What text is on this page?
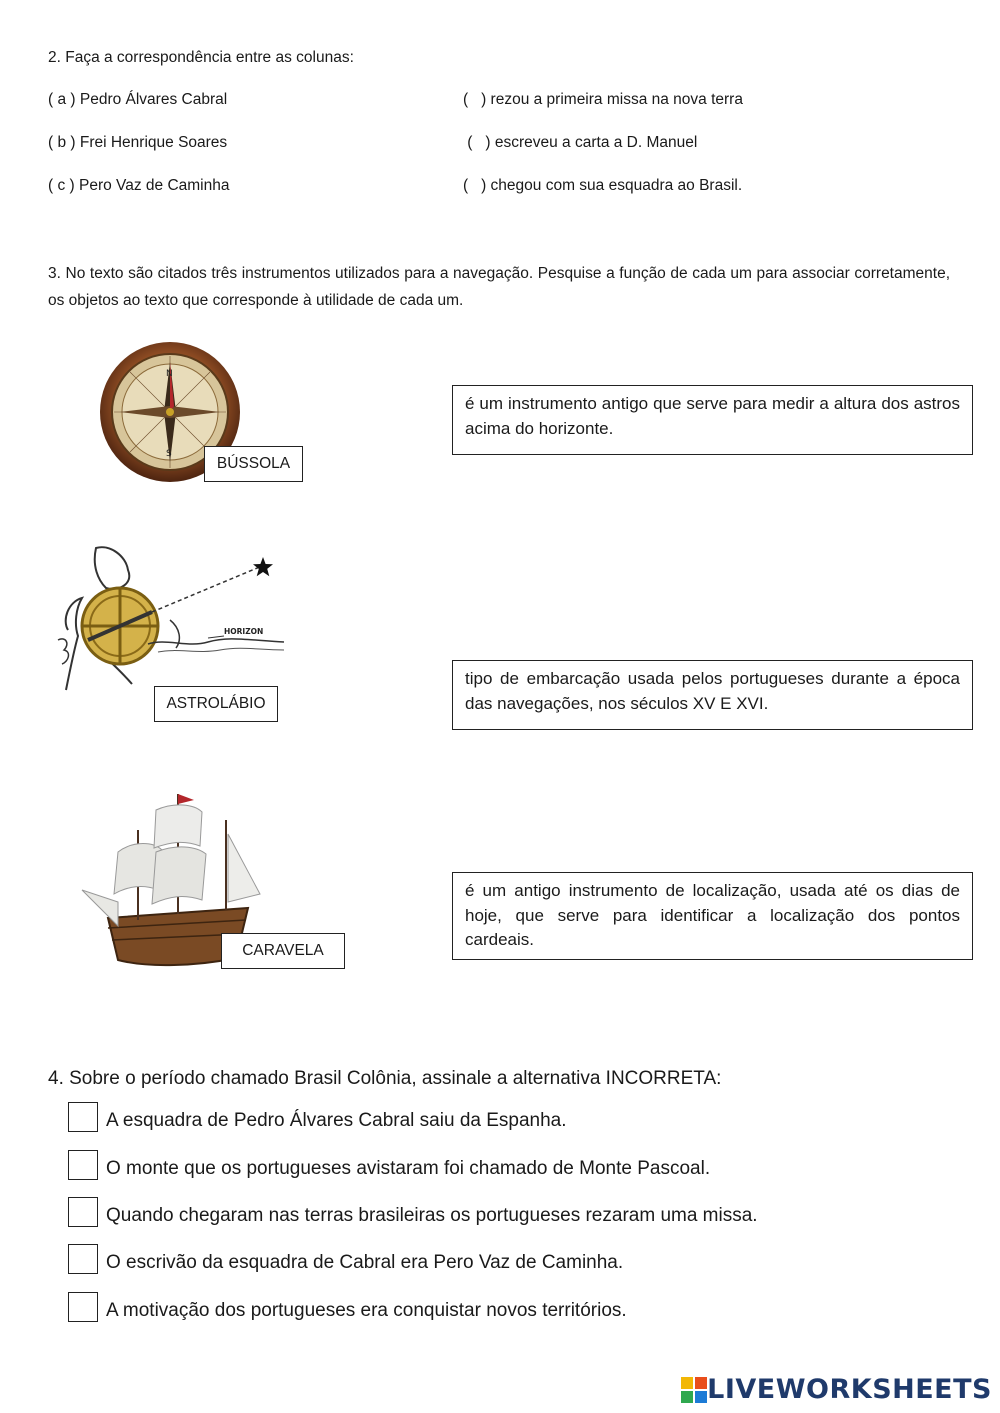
2. Faça a correspondência entre as colunas:
( a ) Pedro Álvares Cabral
( b ) Frei Henrique Soares
( c ) Pero Vaz de Caminha
(   ) rezou a primeira missa na nova terra
(   ) escreveu a carta a D. Manuel
(   ) chegou com sua esquadra ao Brasil.
3. No texto são citados três instrumentos utilizados para a navegação. Pesquise a função de cada um para associar corretamente, os objetos ao texto que corresponde à utilidade de cada um.
N
S
BÚSSOLA
HORIZON
ASTROLÁBIO
CARAVELA
é um instrumento antigo que serve para medir a altura dos astros acima do horizonte.
tipo de embarcação usada pelos portugueses durante a época das navegações, nos séculos XV E XVI.
é um antigo instrumento de localização, usada até os dias de hoje, que serve para identificar a localização dos pontos cardeais.
4. Sobre o período chamado Brasil Colônia, assinale a alternativa INCORRETA:
A esquadra de Pedro Álvares Cabral saiu da Espanha.
O monte que os portugueses avistaram foi chamado de Monte Pascoal.
Quando chegaram nas terras brasileiras os portugueses rezaram uma missa.
O escrivão da esquadra de Cabral era Pero Vaz de Caminha.
A motivação dos portugueses era conquistar novos territórios.
LIVEWORKSHEETS
